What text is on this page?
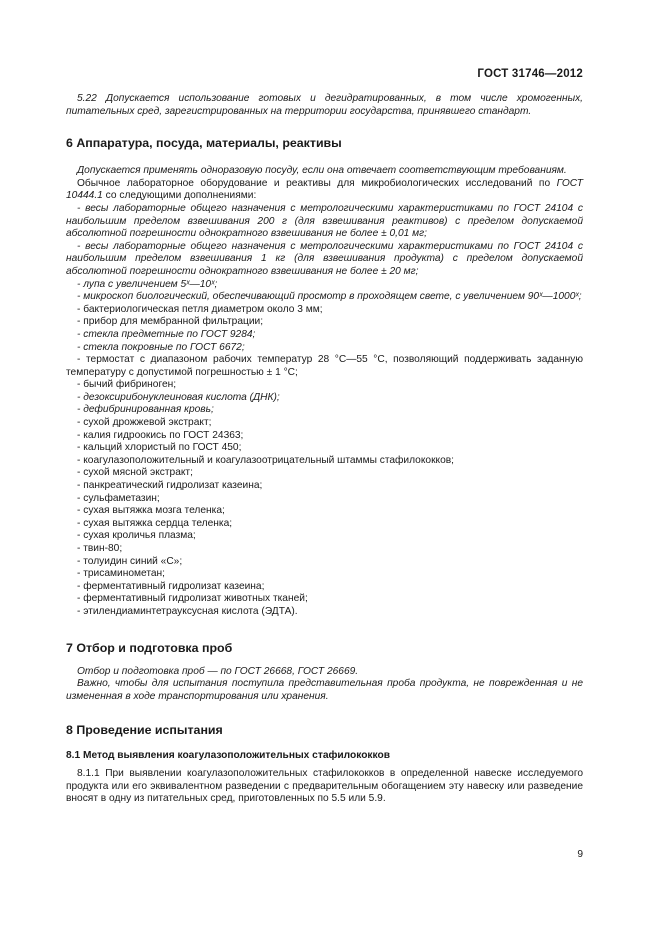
ГОСТ 31746—2012

5.22 Допускается использование готовых и дегидратированных, в том числе хромогенных, питательных сред, зарегистрированных на территории государства, принявшего стандарт.

6 Аппаратура, посуда, материалы, реактивы

Допускается применять одноразовую посуду, если она отвечает соответствующим требованиям.

Обычное лабораторное оборудование и реактивы для микробиологических исследований по ГОСТ 10444.1 со следующими дополнениями:

- весы лабораторные общего назначения с метрологическими характеристиками по ГОСТ 24104 с наибольшим пределом взвешивания 200 г (для взвешивания реактивов) с пределом допускаемой абсолютной погрешности однократного взвешивания не более ± 0,01 мг;

- весы лабораторные общего назначения с метрологическими характеристиками по ГОСТ 24104 с наибольшим пределом взвешивания 1 кг (для взвешивания продукта) с пределом допускаемой абсолютной погрешности однократного взвешивания не более ± 20 мг;

- лупа с увеличением 5ˣ—10ˣ;

- микроскоп биологический, обеспечивающий просмотр в проходящем свете, с увеличением 90ˣ—1000ˣ;

- бактериологическая петля диаметром около 3 мм;

- прибор для мембранной фильтрации;

- стекла предметные по ГОСТ 9284;

- стекла покровные по ГОСТ 6672;

- термостат с диапазоном рабочих температур 28 °С—55 °С, позволяющий поддерживать заданную температуру с допустимой погрешностью ± 1 °С;

- бычий фибриноген;

- дезоксирибонуклеиновая кислота (ДНК);

- дефибринированная кровь;

- сухой дрожжевой экстракт;

- калия гидроокись по ГОСТ 24363;

- кальций хлористый по ГОСТ 450;

- коагулазоположительный и коагулазоотрицательный штаммы стафилококков;

- сухой мясной экстракт;

- панкреатический гидролизат казеина;

- сульфаметазин;

- сухая вытяжка мозга теленка;

- сухая вытяжка сердца теленка;

- сухая кроличья плазма;

- твин-80;

- толуидин синий «С»;

- трисаминометан;

- ферментативный гидролизат казеина;

- ферментативный гидролизат животных тканей;

- этилендиаминтетрауксусная кислота (ЭДТА).

7 Отбор и подготовка проб

Отбор и подготовка проб — по ГОСТ 26668, ГОСТ 26669.

Важно, чтобы для испытания поступила представительная проба продукта, не поврежденная и не измененная в ходе транспортирования или хранения.

8 Проведение испытания

8.1 Метод выявления коагулазоположительных стафилококков

8.1.1 При выявлении коагулазоположительных стафилококков в определенной навеске исследуемого продукта или его эквивалентном разведении с предварительным обогащением эту навеску или разведение вносят в одну из питательных сред, приготовленных по 5.5 или 5.9.

9
